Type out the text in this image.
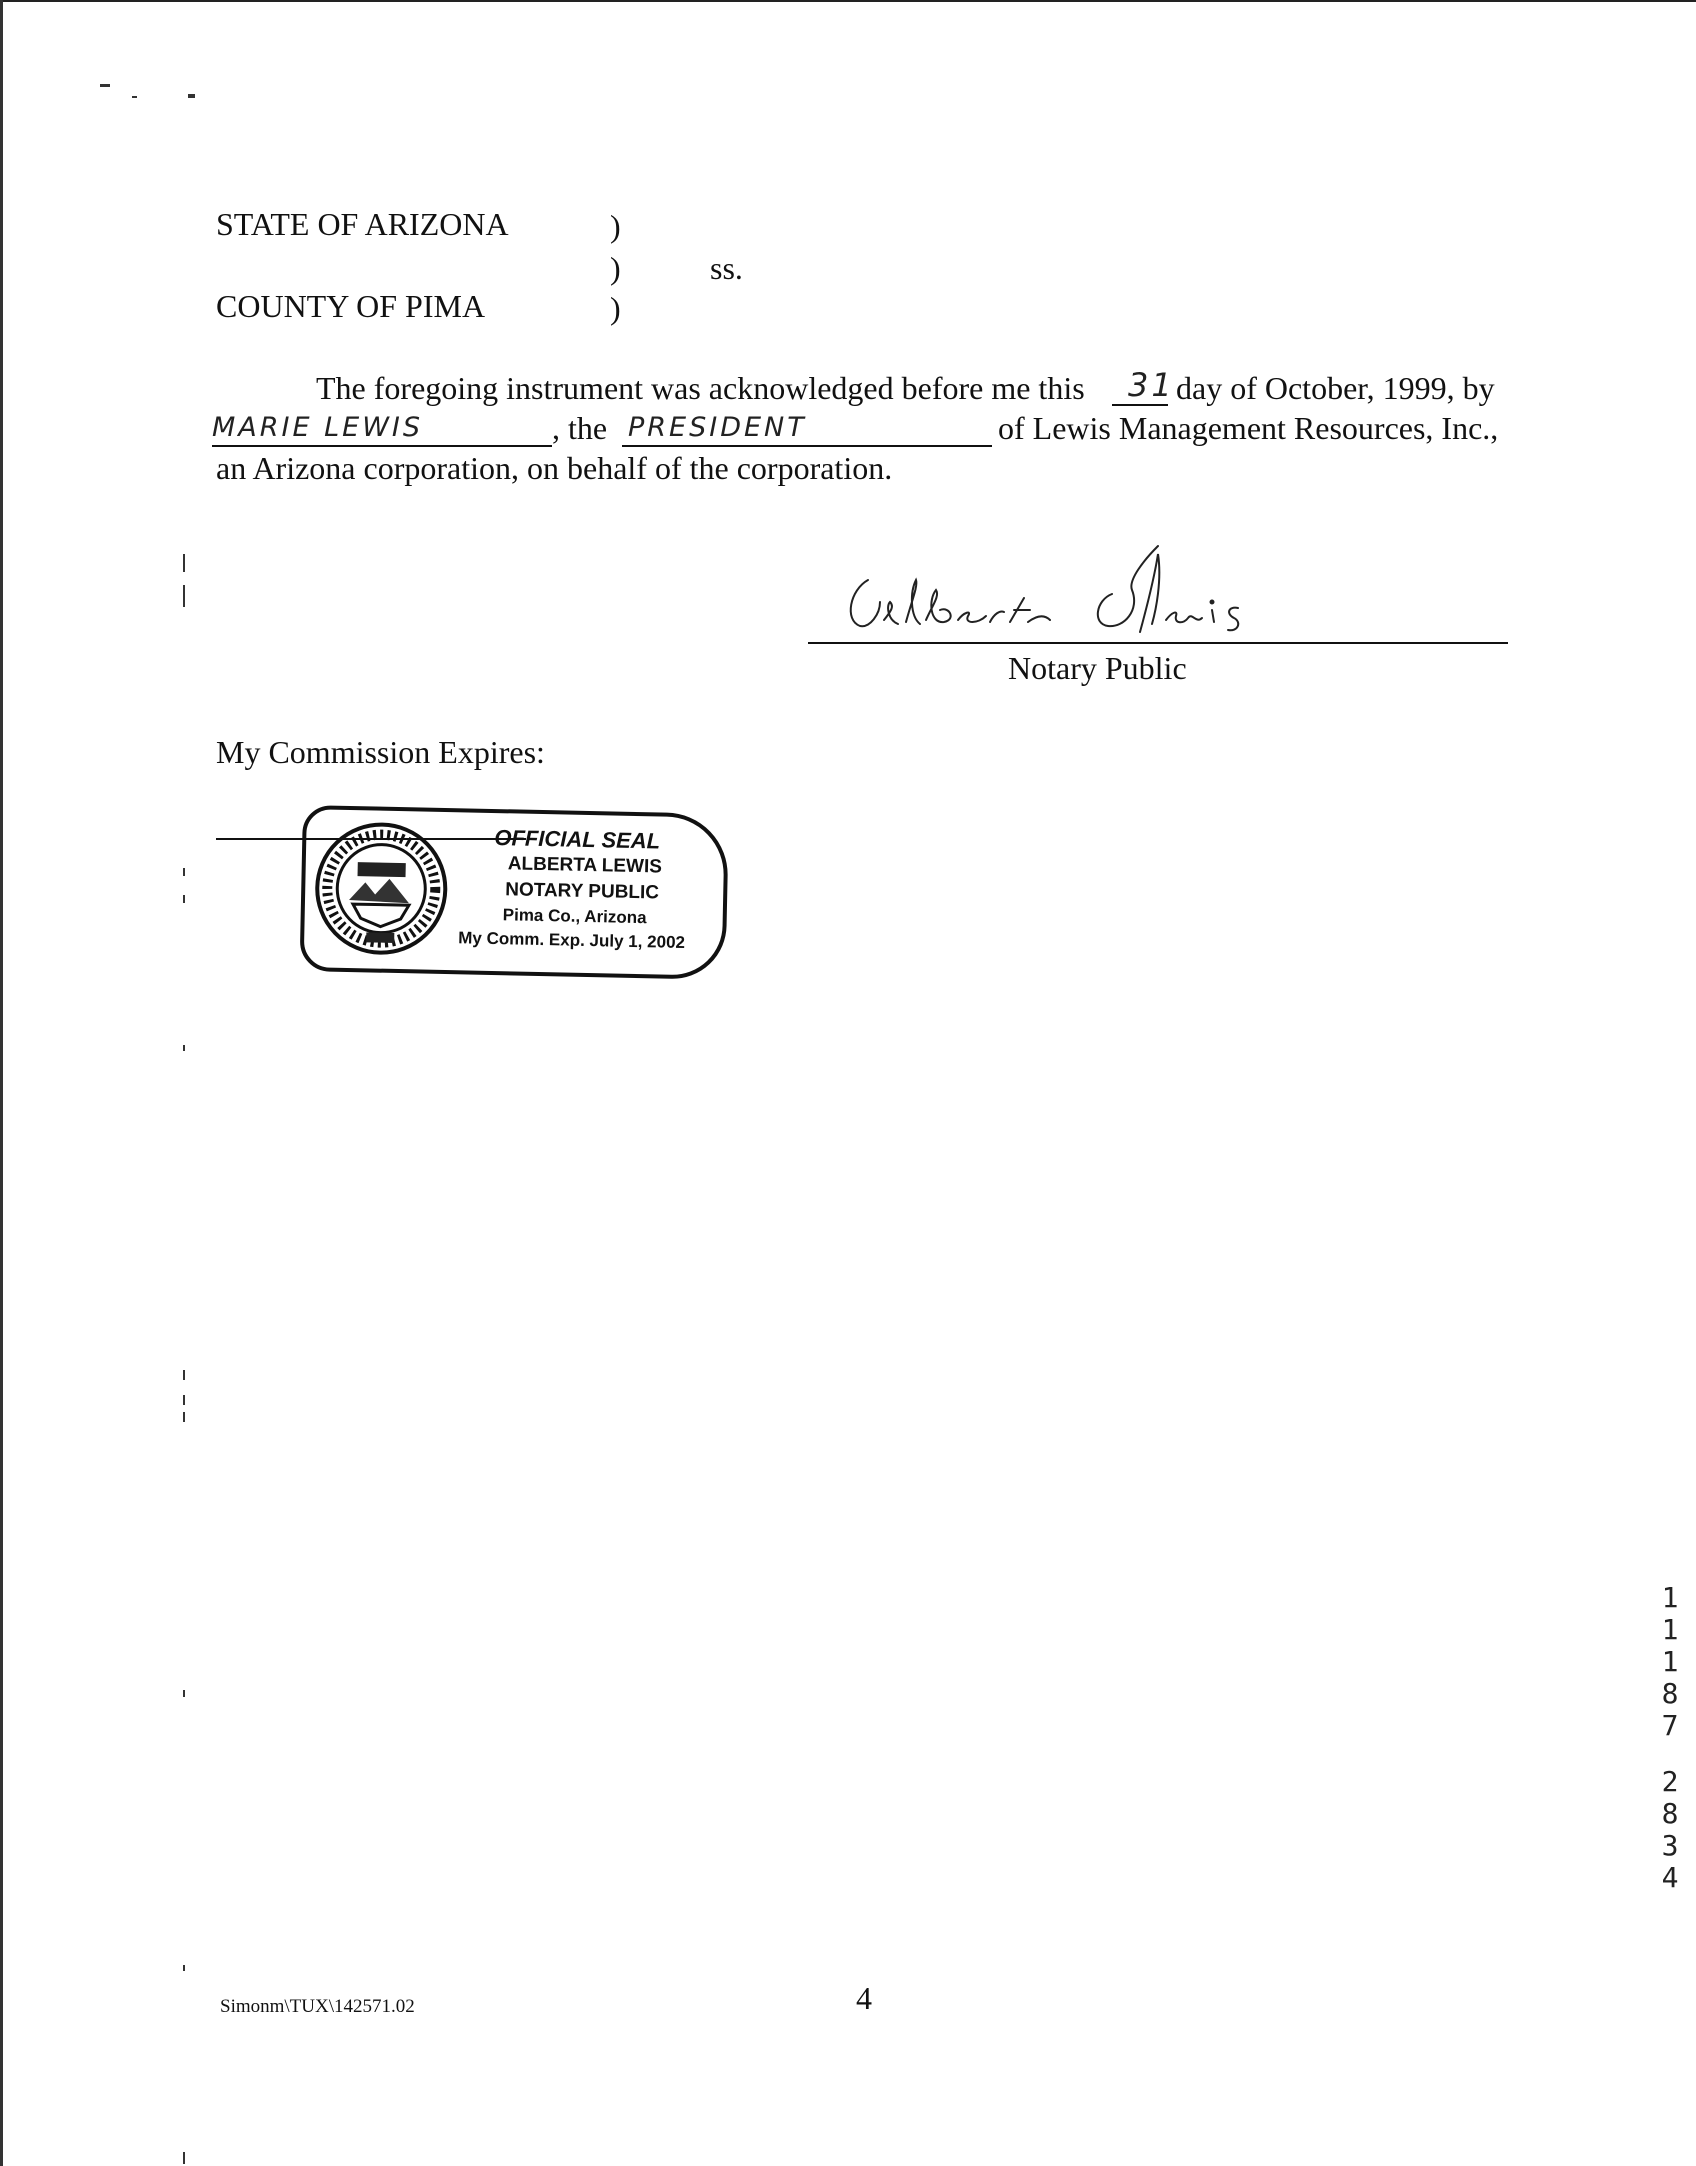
STATE OF ARIZONA	)
)	ss.
COUNTY OF PIMA	)
The foregoing instrument was acknowledged before me this 31 day of October, 1999, by
MARIE LEWIS	, the PRESIDENT	of Lewis Management Resources, Inc.,
an Arizona corporation, on behalf of the corporation.
Notary Public
My Commission Expires:
OFFICIAL SEAL
ALBERTA LEWIS
NOTARY PUBLIC
Pima Co., Arizona
My Comm. Exp. July 1, 2002
1
1
1
8
7
2
8
3
4
Simonm\TUX\142571.02	4
